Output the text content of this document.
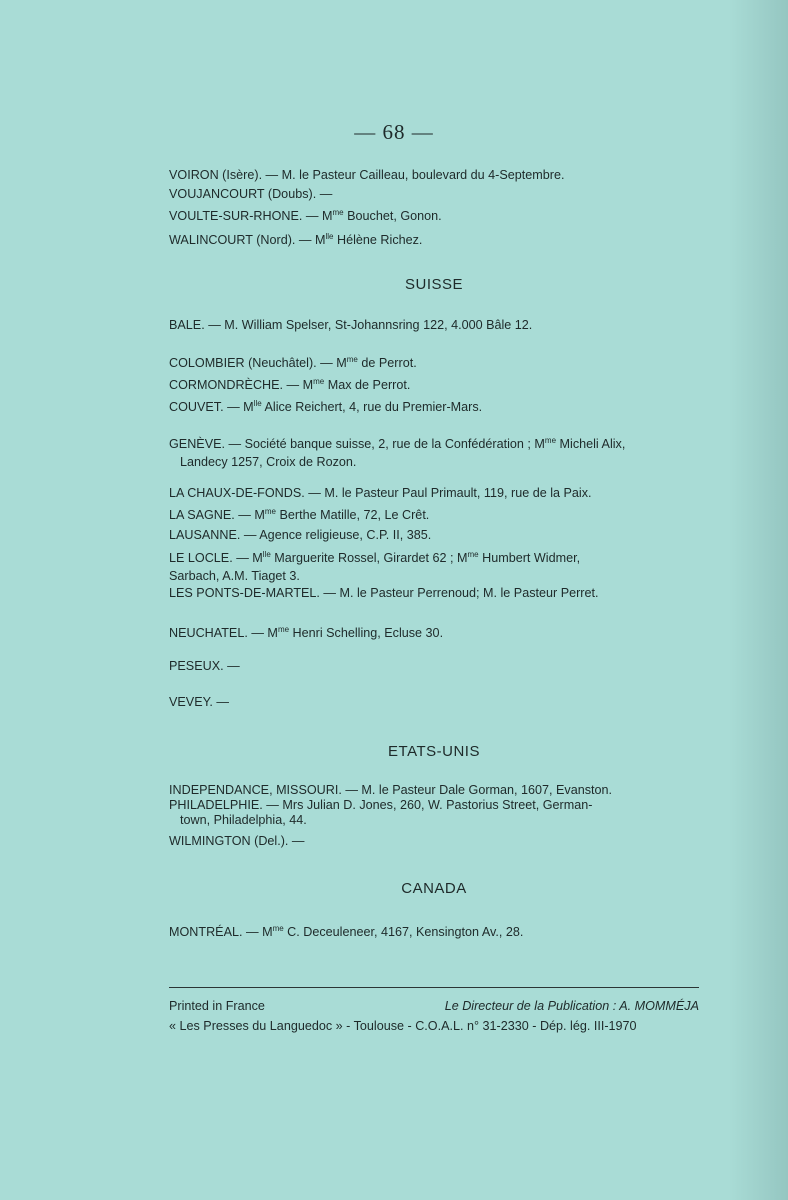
— 68 —

VOIRON (Isère). — M. le Pasteur Cailleau, boulevard du 4-Septembre.

VOUJANCOURT (Doubs). —

VOULTE-SUR-RHONE. — $M^{me}$ Bouchet, Gonon.

WALINCOURT (Nord). — $M^{lle}$ Hélène Richez.

SUISSE

BALE. — M. William Spelser, St-Johannsring 122, 4.000 Bâle 12.

COLOMBIER (Neuchâtel). — $M^{me}$ de Perrot.

CORMONDRÈCHE. — $M^{me}$ Max de Perrot.

COUVET. — $M^{lle}$ Alice Reichert, 4, rue du Premier-Mars.

GENÈVE. — Société banque suisse, 2, rue de la Confédération ; $M^{me}$ Micheli Alix,

Landecy 1257, Croix de Rozon.

LA CHAUX-DE-FONDS. — M. le Pasteur Paul Primault, 119, rue de la Paix.

LA SAGNE. — $M^{me}$ Berthe Matille, 72, Le Crêt.

LAUSANNE. — Agence religieuse, C.P. II, 385.

LE LOCLE. — $M^{lle}$ Marguerite Rossel, Girardet 62 ; $M^{me}$ Humbert Widmer,

Sarbach, A.M. Tiaget 3.

LES PONTS-DE-MARTEL. — M. le Pasteur Perrenoud; M. le Pasteur Perret.

NEUCHATEL. — $M^{me}$ Henri Schelling, Ecluse 30.

PESEUX. —

VEVEY. —

ETATS-UNIS

INDEPENDANCE, MISSOURI. — M. le Pasteur Dale Gorman, 1607, Evanston.

PHILADELPHIE. — Mrs Julian D. Jones, 260, W. Pastorius Street, German-

town, Philadelphia, 44.

WILMINGTON (Del.). —

CANADA

MONTRÉAL. — $M^{me}$ C. Deceuleneer, 4167, Kensington Av., 28.

Printed in France	Le Directeur de la Publication : A. MOMMÉJA
« Les Presses du Languedoc » - Toulouse - C.O.A.L. n° 31-2330 - Dép. lég. III-1970
